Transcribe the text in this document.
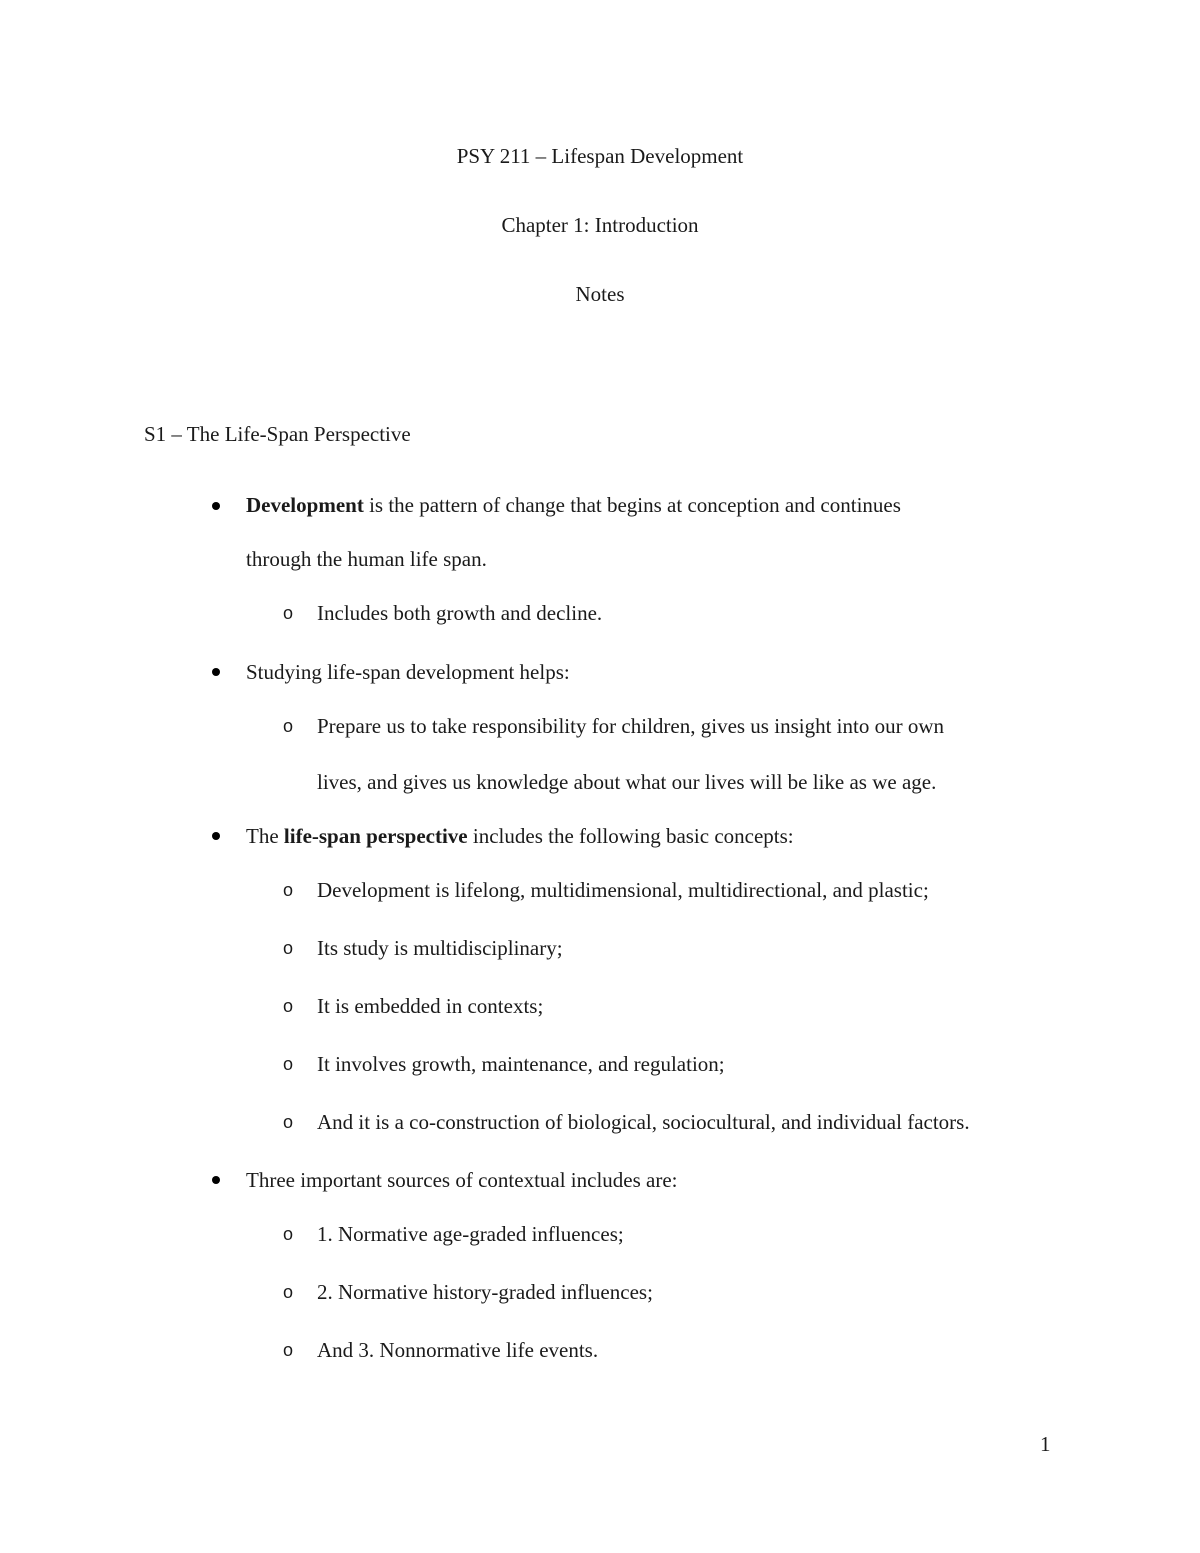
PSY 211 – Lifespan Development
Chapter 1: Introduction
Notes
S1 – The Life-Span Perspective
Development is the pattern of change that begins at conception and continues
through the human life span.
o Includes both growth and decline.
Studying life-span development helps:
o Prepare us to take responsibility for children, gives us insight into our own
lives, and gives us knowledge about what our lives will be like as we age.
The life-span perspective includes the following basic concepts:
o Development is lifelong, multidimensional, multidirectional, and plastic;
o Its study is multidisciplinary;
o It is embedded in contexts;
o It involves growth, maintenance, and regulation;
o And it is a co-construction of biological, sociocultural, and individual factors.
Three important sources of contextual includes are:
o 1. Normative age-graded influences;
o 2. Normative history-graded influences;
o And 3. Nonnormative life events.
1
